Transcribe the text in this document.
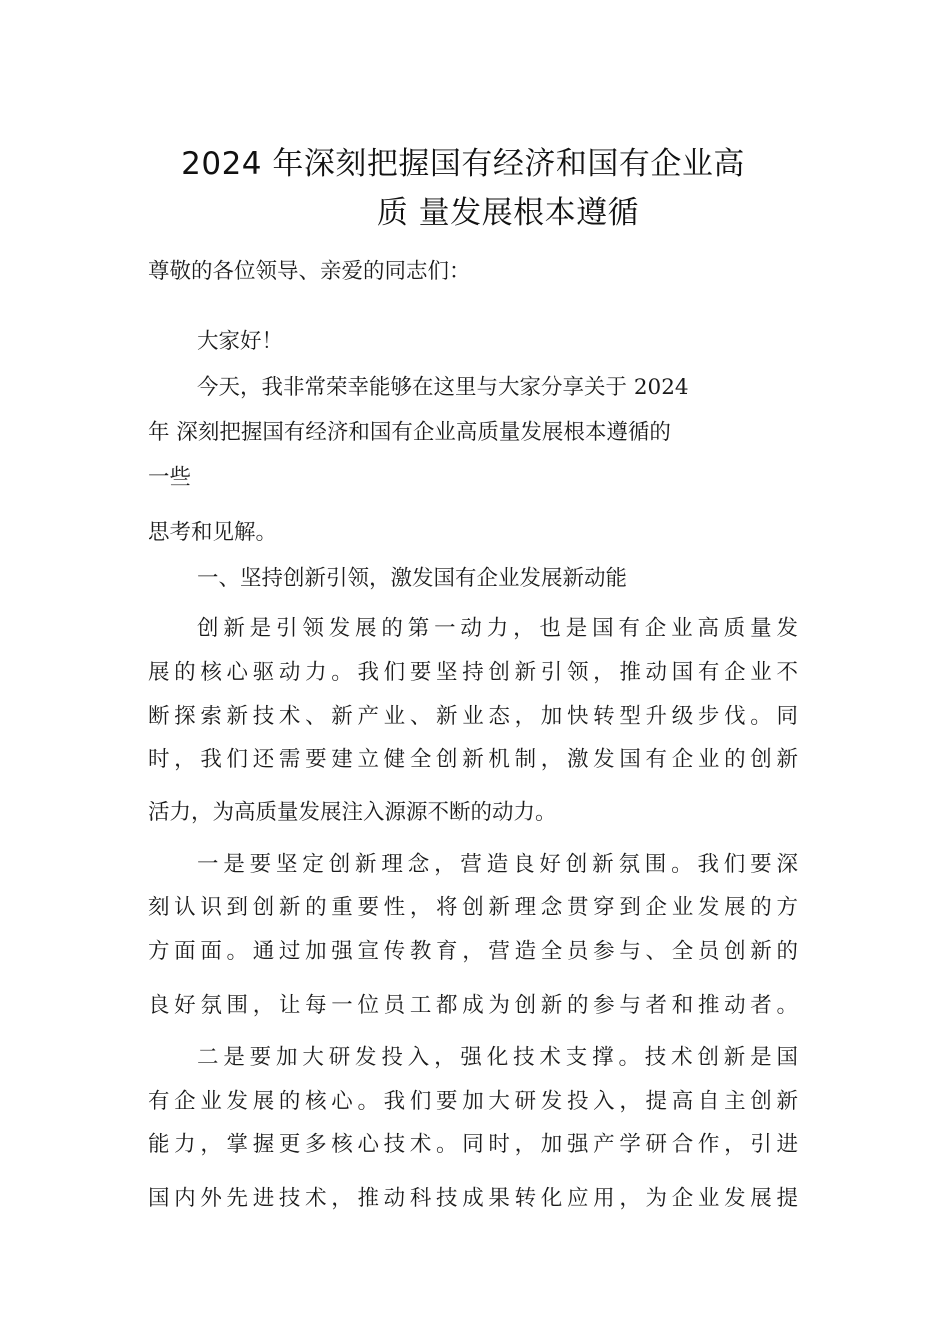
2024 年深刻把握国有经济和国有企业高
质 量发展根本遵循
尊敬的各位领导、亲爱的同志们：
大家好！
今天，我非常荣幸能够在这里与大家分享关于 2024
年 深刻把握国有经济和国有企业高质量发展根本遵循的
一些
思考和见解。
一、坚持创新引领，激发国有企业发展新动能
创新是引领发展的第一动力，也是国有企业高质量发
展的核心驱动力。我们要坚持创新引领，推动国有企业不
断探索新技术、新产业、新业态，加快转型升级步伐。同
时，我们还需要建立健全创新机制，激发国有企业的创新
活力，为高质量发展注入源源不断的动力。
一是要坚定创新理念，营造良好创新氛围。我们要深
刻认识到创新的重要性，将创新理念贯穿到企业发展的方
方面面。通过加强宣传教育，营造全员参与、全员创新的
良好氛围，让每一位员工都成为创新的参与者和推动者。
二是要加大研发投入，强化技术支撑。技术创新是国
有企业发展的核心。我们要加大研发投入，提高自主创新
能力，掌握更多核心技术。同时，加强产学研合作，引进
国内外先进技术，推动科技成果转化应用，为企业发展提
